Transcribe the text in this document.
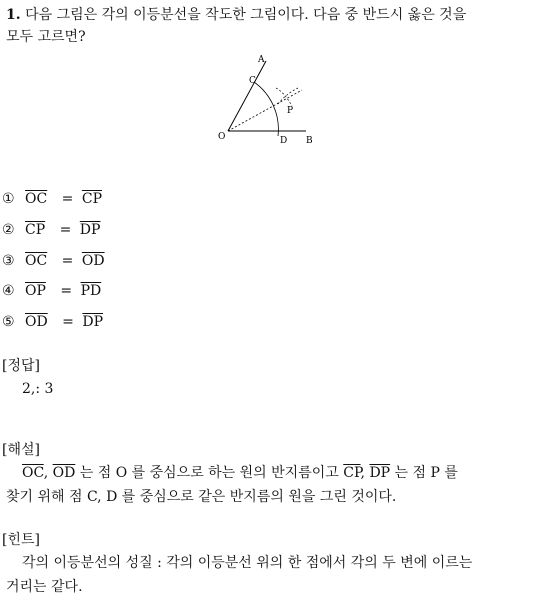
1. 다음 그림은 각의 이등분선을 작도한 그림이다. 다음 중 반드시 옳은 것을
모두 고르면?
A
C
P
O	D B
① $\overline{OC} = \overline{CP}$
② $\overline{CP} = \overline{DP}$
③ $\overline{OC} = \overline{OD}$
④ $\overline{OP} = \overline{PD}$
⑤ $\overline{OD} = \overline{DP}$
[정답]
2,: 3
[해설]
$\overline{OC}$, $\overline{OD}$ 는 점 O 를 중심으로 하는 원의 반지름이고 $\overline{CP}$, $\overline{DP}$ 는 점 P 를
찾기 위해 점 C, D 를 중심으로 같은 반지름의 원을 그린 것이다.
[힌트]
각의 이등분선의 성질 : 각의 이등분선 위의 한 점에서 각의 두 변에 이르는
거리는 같다.
